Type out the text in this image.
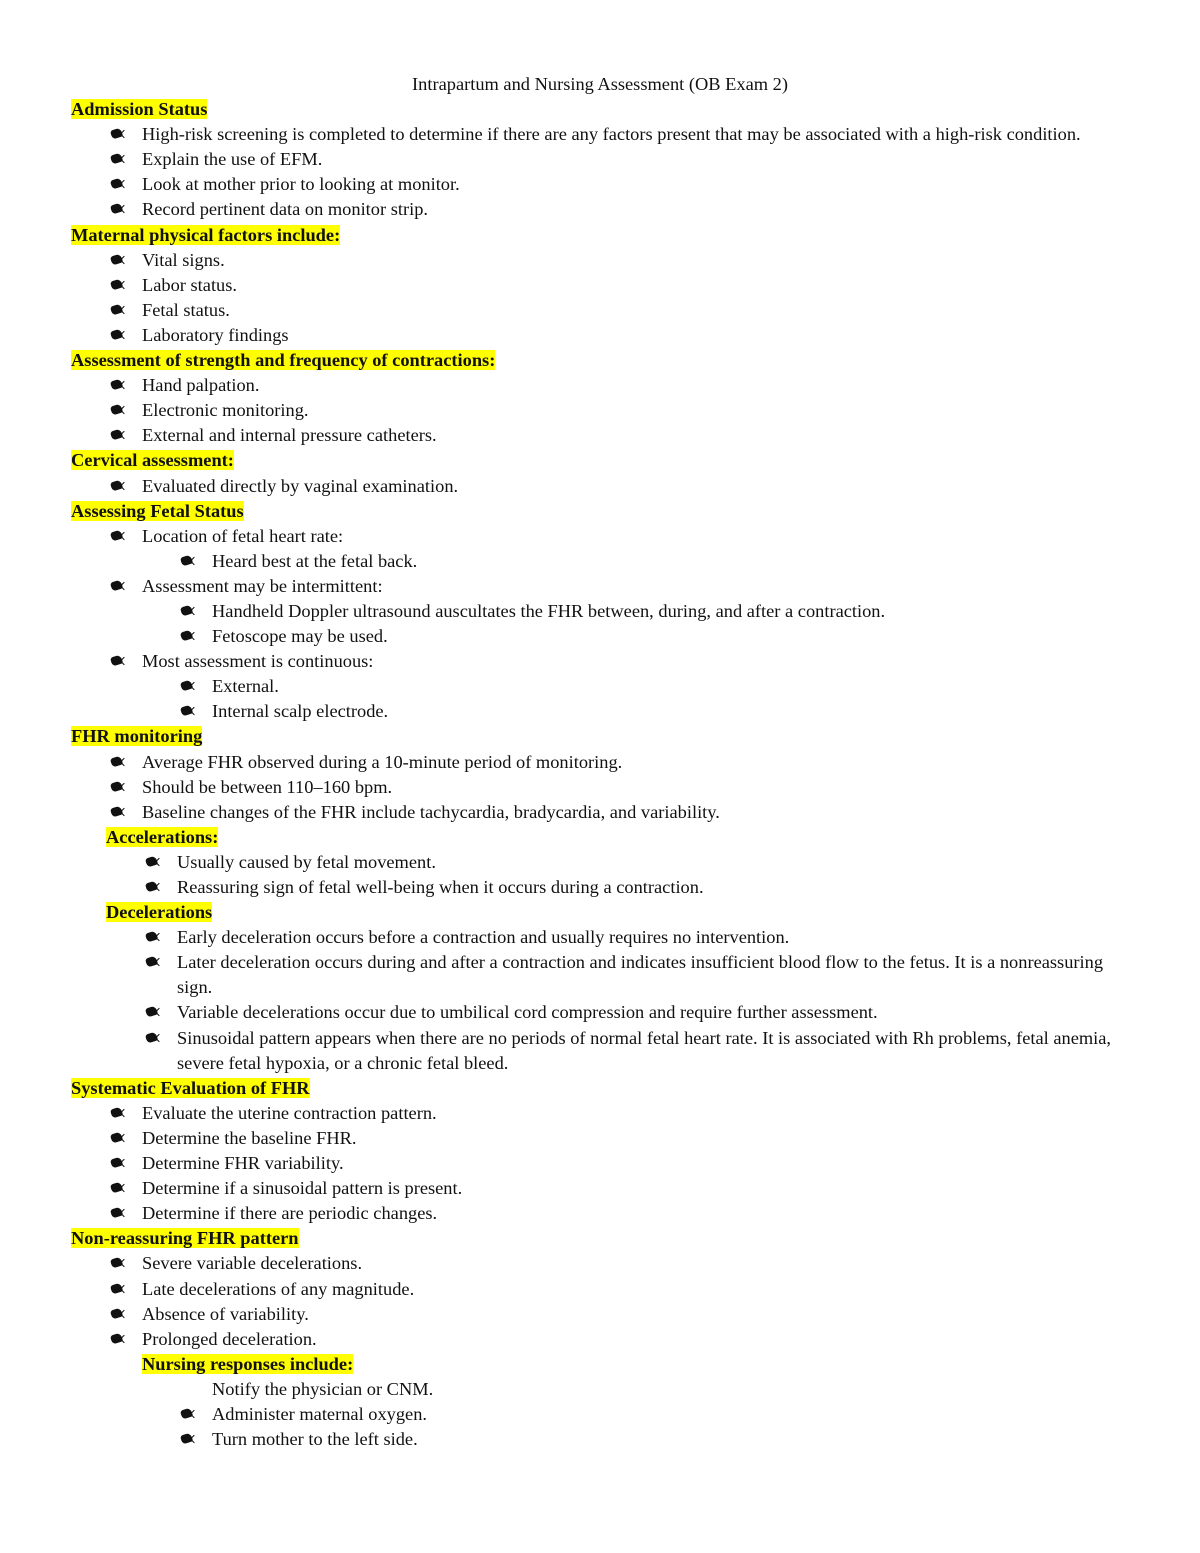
Intrapartum and Nursing Assessment (OB Exam 2)
Admission Status
High-risk screening is completed to determine if there are any factors present that may be associated with a high-risk condition.
Explain the use of EFM.
Look at mother prior to looking at monitor.
Record pertinent data on monitor strip.
Maternal physical factors include:
Vital signs.
Labor status.
Fetal status.
Laboratory findings
Assessment of strength and frequency of contractions:
Hand palpation.
Electronic monitoring.
External and internal pressure catheters.
Cervical assessment:
Evaluated directly by vaginal examination.
Assessing Fetal Status
Location of fetal heart rate:
Heard best at the fetal back.
Assessment may be intermittent:
Handheld Doppler ultrasound auscultates the FHR between, during, and after a contraction.
Fetoscope may be used.
Most assessment is continuous:
External.
Internal scalp electrode.
FHR monitoring
Average FHR observed during a 10-minute period of monitoring.
Should be between 110–160 bpm.
Baseline changes of the FHR include tachycardia, bradycardia, and variability.
Accelerations:
Usually caused by fetal movement.
Reassuring sign of fetal well-being when it occurs during a contraction.
Decelerations
Early deceleration occurs before a contraction and usually requires no intervention.
Later deceleration occurs during and after a contraction and indicates insufficient blood flow to the fetus. It is a nonreassuring sign.
Variable decelerations occur due to umbilical cord compression and require further assessment.
Sinusoidal pattern appears when there are no periods of normal fetal heart rate. It is associated with Rh problems, fetal anemia, severe fetal hypoxia, or a chronic fetal bleed.
Systematic Evaluation of FHR
Evaluate the uterine contraction pattern.
Determine the baseline FHR.
Determine FHR variability.
Determine if a sinusoidal pattern is present.
Determine if there are periodic changes.
Non-reassuring FHR pattern
Severe variable decelerations.
Late decelerations of any magnitude.
Absence of variability.
Prolonged deceleration.
Nursing responses include:
Notify the physician or CNM.
Administer maternal oxygen.
Turn mother to the left side.
